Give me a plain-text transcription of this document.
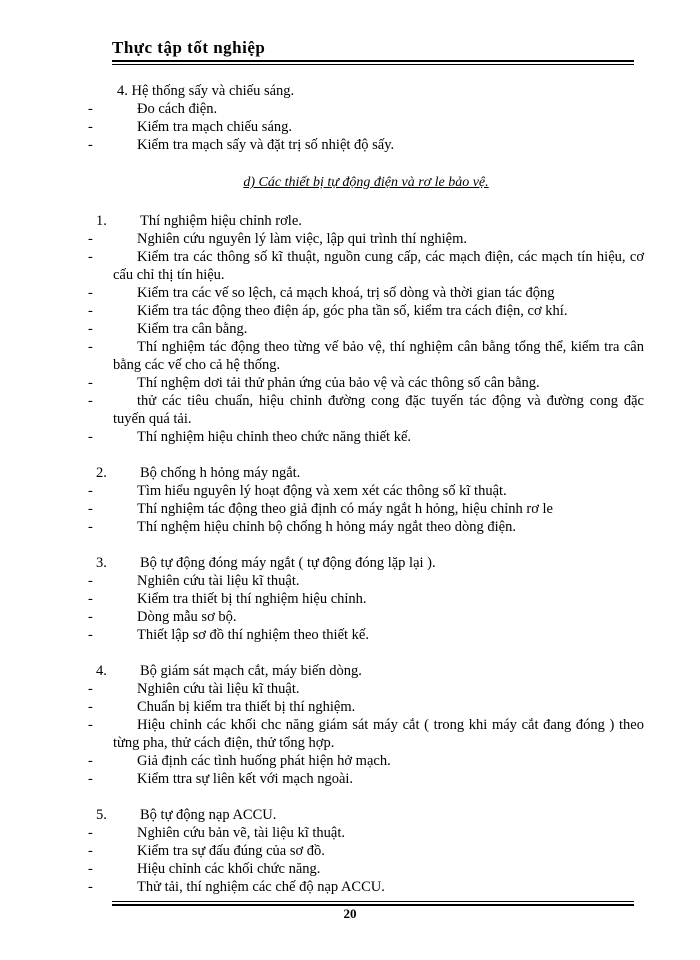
Thực tập tốt nghiệp
4. Hệ thống sấy và chiếu sáng.
-	Đo cách điện.
-	Kiểm tra mạch chiếu sáng.
-	Kiểm tra mạch sấy và đặt trị số nhiệt độ sấy.
d) Các thiết bị tự động điện và rơ le bảo vệ.
1.	Thí nghiệm hiệu chỉnh rơle.
-	Nghiên cứu nguyên lý làm việc, lập qui trình thí nghiệm.
-	Kiểm tra các thông số kĩ thuật, nguồn cung cấp, các mạch điện, các mạch tín hiệu, cơ cấu chỉ thị tín hiệu.
-	Kiểm tra các vế so lệch, cả mạch khoá, trị số dòng và thời gian tác động
-	Kiểm tra tác động theo điện áp, góc pha tần số, kiểm tra cách điện, cơ khí.
-	Kiểm tra cân bằng.
-	Thí nghiệm tác động theo từng vế bảo vệ, thí nghiệm cân bằng tổng thể, kiểm tra cân bằng các vế cho cả hệ thống.
-	Thí nghệm dơi tải thử phản ứng của bảo vệ và các thông số cân bằng.
-	thử các tiêu chuẩn, hiệu chỉnh đường cong đặc tuyến tác động và đường cong đặc tuyến quá tải.
-	Thí nghiệm hiệu chỉnh theo chức năng thiết kế.
2.	Bộ chống h hỏng máy ngắt.
-	Tìm hiểu nguyên lý hoạt động và xem xét các thông số kĩ thuật.
-	Thí nghiệm tác động theo giả định có máy ngắt h hỏng, hiệu chỉnh rơ le
-	Thí nghệm hiệu chỉnh bộ chống h hỏng máy ngắt theo dòng điện.
3.	Bộ tự động đóng máy ngắt ( tự động đóng lặp lại ).
-	Nghiên cứu tài liệu kĩ thuật.
-	Kiểm tra thiết bị thí nghiệm hiệu chỉnh.
-	Dòng mẫu sơ bộ.
-	Thiết lập sơ đồ thí nghiệm theo thiết kế.
4.	Bộ giám sát mạch cắt, máy biến dòng.
-	Nghiên cứu tài liệu kĩ thuật.
-	Chuẩn bị kiểm tra thiết bị thí nghiệm.
-	Hiệu chỉnh các khối chc năng giám sát máy cắt ( trong khi máy cắt đang đóng ) theo từng pha, thử cách điện, thử tổng hợp.
-	Giả định các tình huống phát hiện hở mạch.
-	Kiểm ttra sự liên kết với mạch ngoài.
5.	Bộ tự động nạp ACCU.
-	Nghiên cứu bản vẽ, tài liệu kĩ thuật.
-	Kiểm tra sự đấu đúng của sơ đồ.
-	Hiệu chỉnh các khối chức năng.
-	Thử tải, thí nghiệm các chế độ nạp ACCU.
20
